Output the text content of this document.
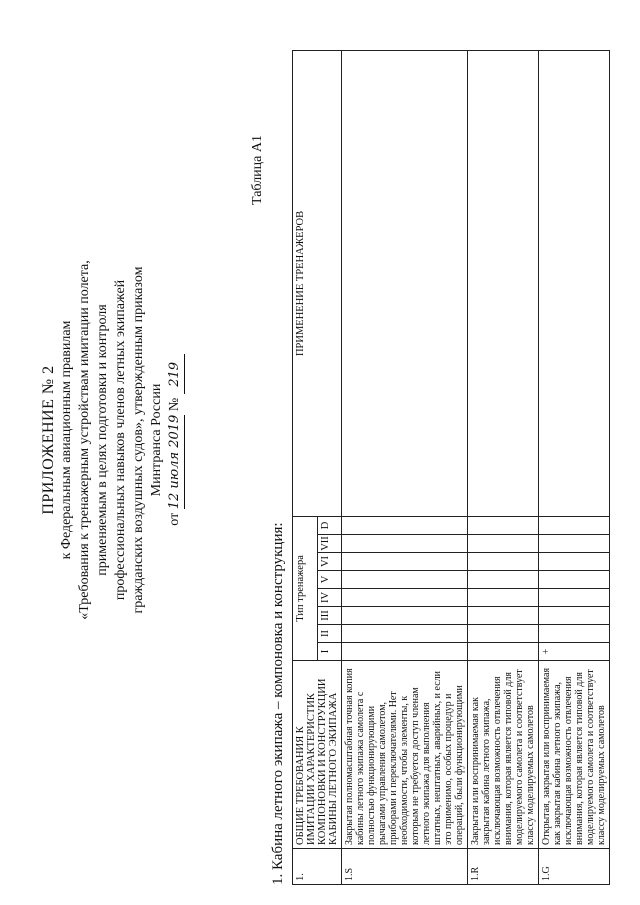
ПРИЛОЖЕНИЕ № 2 к Федеральным авиационным правилам «Требования к тренажерным устройствам имитации полета, применяемым в целях подготовки и контроля профессиональных навыков членов летных экипажей гражданских воздушных судов», утвержденным приказом Минтранса России
от 12 июля 2019 № 219
Таблица А1
1. Кабина летного экипажа – компоновка и конструкция: 1.	ОБЩИЕ ТРЕБОВАНИЯ К ИМИТАЦИИ ХАРАКТЕРИСТИК КОМПОНОВКИ И КОНСТРУКЦИИ КАБИНЫ ЛЕТНОГО ЭКИПАЖА	Тип тренажера								ПРИМЕНЕНИЕ ТРЕНАЖЕРОВ
		I	II	III	IV	V	VI	VII	D	
1.S	Закрытая полномасштабная точная копия кабины летного экипажа самолета с полностью функционирующими рычагами управления самолетом, приборами и переключателями. Нет необходимости, чтобы элементы, к которым не требуется доступ членам летного экипажа для выполнения штатных, нештатных, аварийных, и если это применимо, особых процедур и операций, были функционирующими									
1.R	Закрытая или воспринимаемая как закрытая кабина летного экипажа, исключающая возможность отвлечения внимания, которая является типовой для моделируемого самолета и соответствует классу моделируемых самолетов									
1.G	Открытая, закрытая или воспринимаемая как закрытая кабина летного экипажа, исключающая возможность отвлечения внимания, которая является типовой для моделируемого самолета и соответствует классу моделируемых самолетов	+								
